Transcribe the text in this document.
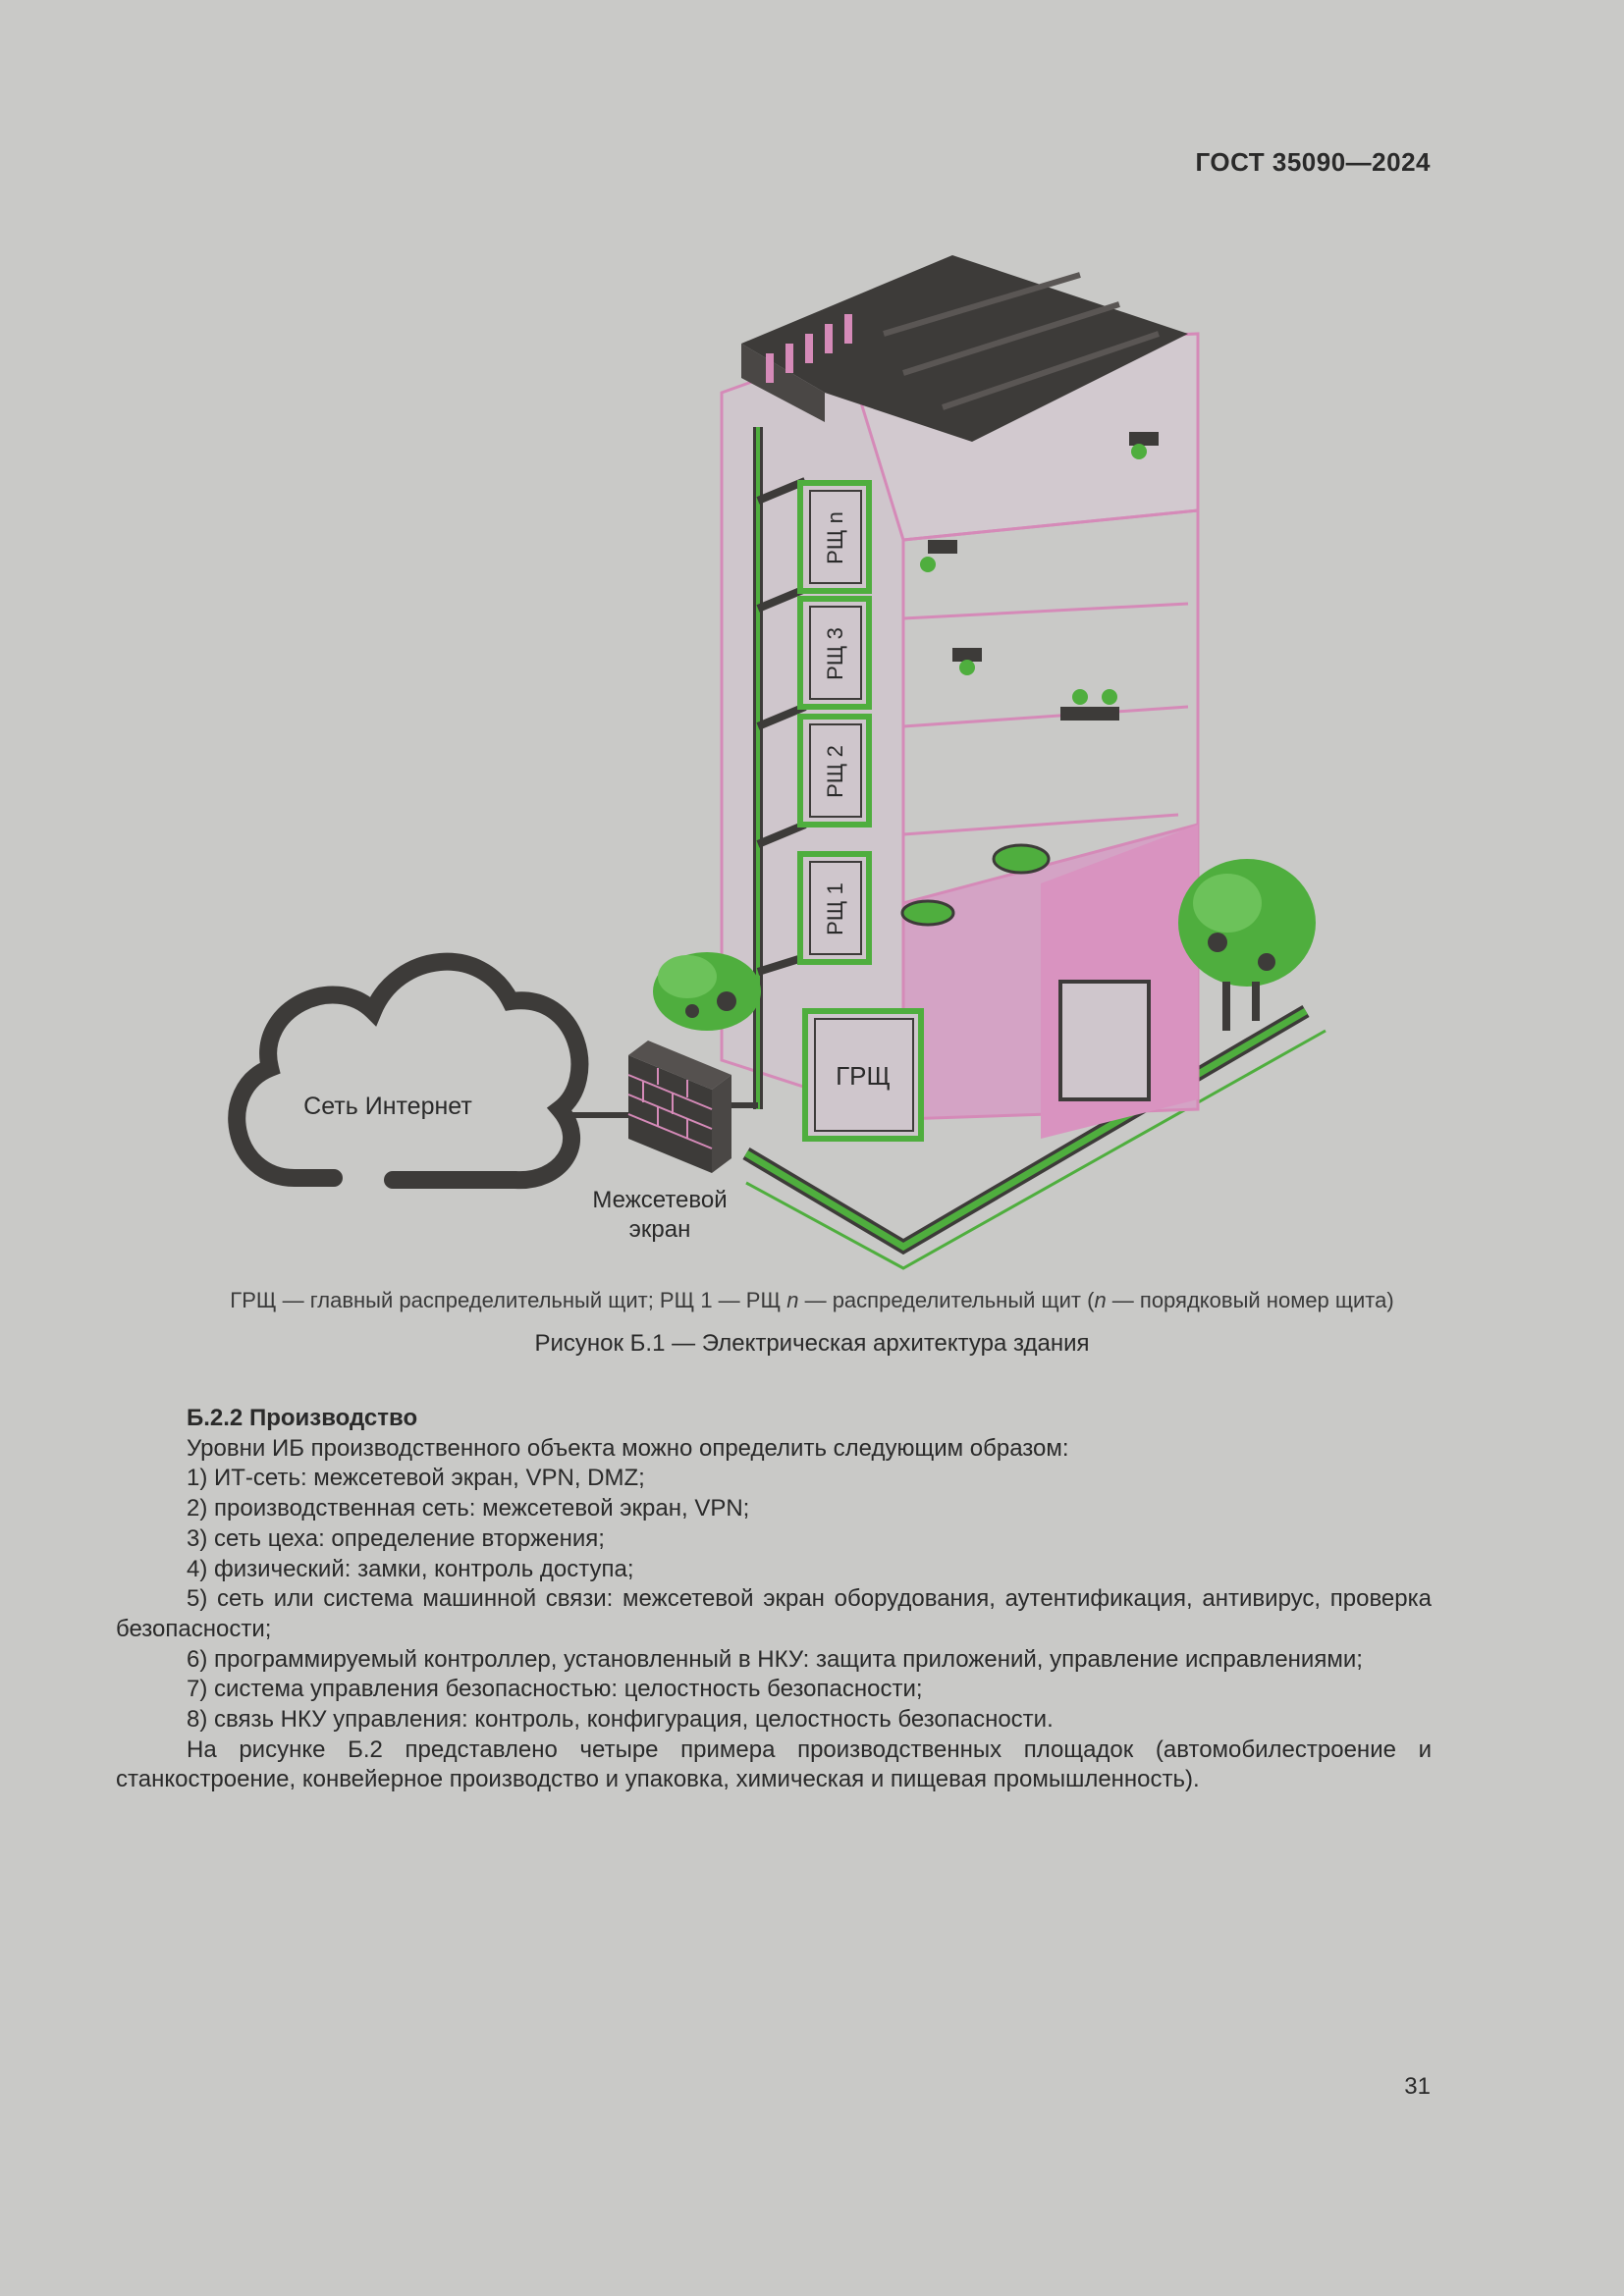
ГОСТ 35090—2024
РЩ n
РЩ 3
РЩ 2
РЩ 1
ГРЩ
Сеть Интернет
Межсетевой
экран
ГРЩ — главный распределительный щит; РЩ 1 — РЩ n — распределительный щит (n — порядковый номер щита)
Рисунок Б.1 — Электрическая архитектура здания

Б.2.2 Производство

Уровни ИБ производственного объекта можно определить следующим образом:

1) ИТ-сеть: межсетевой экран, VPN, DMZ;

2) производственная сеть: межсетевой экран, VPN;

3) сеть цеха: определение вторжения;

4) физический: замки, контроль доступа;

5) сеть или система машинной связи: межсетевой экран оборудования, аутентификация, антивирус, проверка безопасности;

6) программируемый контроллер, установленный в НКУ: защита приложений, управление исправлениями;

7) система управления безопасностью: целостность безопасности;

8) связь НКУ управления: контроль, конфигурация, целостность безопасности.

На рисунке Б.2 представлено четыре примера производственных площадок (автомобилестроение и станкостроение, конвейерное производство и упаковка, химическая и пищевая промышленность).

31
